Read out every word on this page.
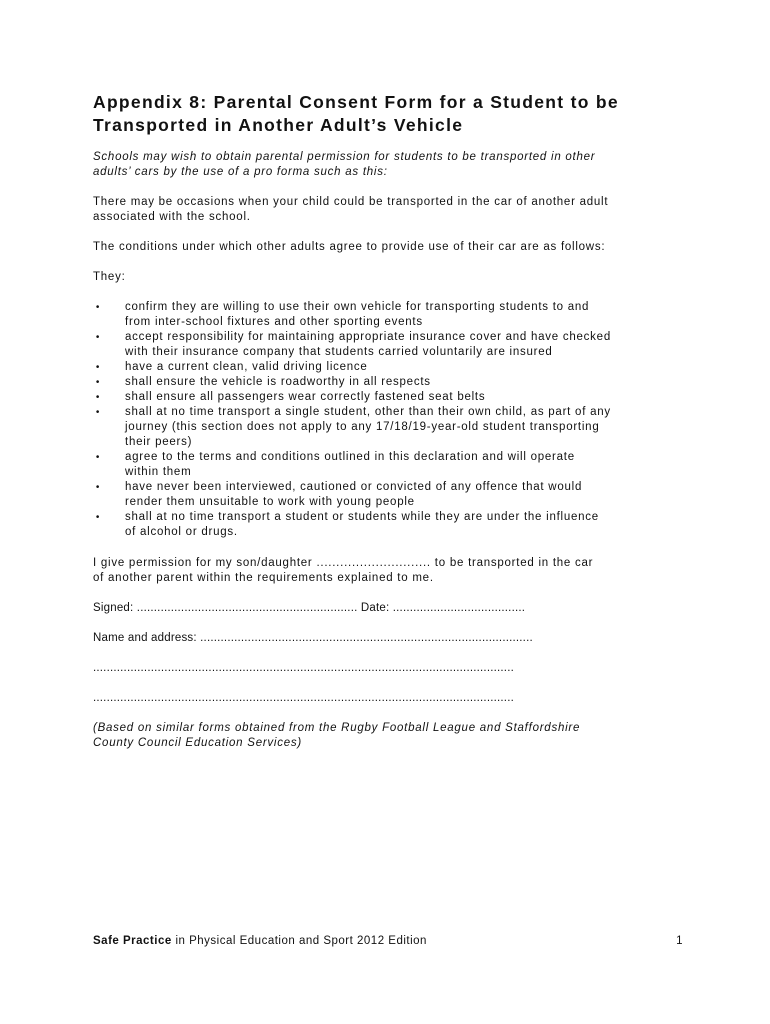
Appendix 8: Parental Consent Form for a Student to be
Transported in Another Adult’s Vehicle

Schools may wish to obtain parental permission for students to be transported in other
adults’ cars by the use of a pro forma such as this:

There may be occasions when your child could be transported in the car of another adult
associated with the school.

The conditions under which other adults agree to provide use of their car are as follows:

They:

• confirm they are willing to use their own vehicle for transporting students to and
from inter-school fixtures and other sporting events
• accept responsibility for maintaining appropriate insurance cover and have checked
with their insurance company that students carried voluntarily are insured
• have a current clean, valid driving licence
• shall ensure the vehicle is roadworthy in all respects
• shall ensure all passengers wear correctly fastened seat belts
• shall at no time transport a single student, other than their own child, as part of any
journey (this section does not apply to any 17/18/19-year-old student transporting
their peers)
• agree to the terms and conditions outlined in this declaration and will operate
within them
• have never been interviewed, cautioned or convicted of any offence that would
render them unsuitable to work with young people
• shall at no time transport a student or students while they are under the influence
of alcohol or drugs.

I give permission for my son/daughter ............................. to be transported in the car
of another parent within the requirements explained to me.

Signed: ................................................................. Date: .......................................

Name and address: ..................................................................................................

............................................................................................................................

............................................................................................................................

(Based on similar forms obtained from the Rugby Football League and Staffordshire
County Council Education Services)

Safe Practice in Physical Education and Sport 2012 Edition	1
